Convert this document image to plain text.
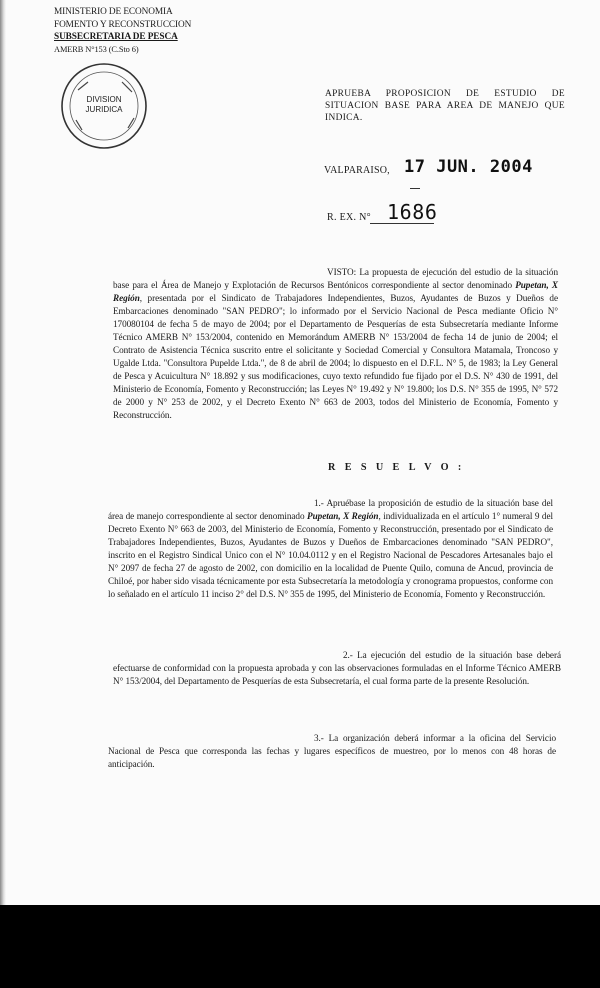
MINISTERIO DE ECONOMIA
FOMENTO Y RECONSTRUCCION
SUBSECRETARIA DE PESCA
AMERB N°153 (C.Sto 6)
DIVISION
JURIDICA
APRUEBA PROPOSICION DE ESTUDIO DE SITUACION BASE PARA AREA DE MANEJO QUE INDICA.
VALPARAISO, 17 JUN. 2004
R. EX. N° 1686
VISTO: La propuesta de ejecución del estudio de la situación base para el Área de Manejo y Explotación de Recursos Bentónicos correspondiente al sector denominado Pupetan, X Región, presentada por el Sindicato de Trabajadores Independientes, Buzos, Ayudantes de Buzos y Dueños de Embarcaciones denominado "SAN PEDRO"; lo informado por el Servicio Nacional de Pesca mediante Oficio N° 170080104 de fecha 5 de mayo de 2004; por el Departamento de Pesquerías de esta Subsecretaría mediante Informe Técnico AMERB N° 153/2004, contenido en Memorándum AMERB N° 153/2004 de fecha 14 de junio de 2004; el Contrato de Asistencia Técnica suscrito entre el solicitante y Sociedad Comercial y Consultora Matamala, Troncoso y Ugalde Ltda. "Consultora Pupelde Ltda.", de 8 de abril de 2004; lo dispuesto en el D.F.L. N° 5, de 1983; la Ley General de Pesca y Acuicultura N° 18.892 y sus modificaciones, cuyo texto refundido fue fijado por el D.S. N° 430 de 1991, del Ministerio de Economía, Fomento y Reconstrucción; las Leyes N° 19.492 y N° 19.800; los D.S. N° 355 de 1995, N° 572 de 2000 y N° 253 de 2002, y el Decreto Exento N° 663 de 2003, todos del Ministerio de Economía, Fomento y Reconstrucción.
R E S U E L V O :
1.- Apruébase la proposición de estudio de la situación base del área de manejo correspondiente al sector denominado Pupetan, X Región, individualizada en el artículo 1° numeral 9 del Decreto Exento N° 663 de 2003, del Ministerio de Economía, Fomento y Reconstrucción, presentado por el Sindicato de Trabajadores Independientes, Buzos, Ayudantes de Buzos y Dueños de Embarcaciones denominado "SAN PEDRO", inscrito en el Registro Sindical Unico con el N° 10.04.0112 y en el Registro Nacional de Pescadores Artesanales bajo el N° 2097 de fecha 27 de agosto de 2002, con domicilio en la localidad de Puente Quilo, comuna de Ancud, provincia de Chiloé, por haber sido visada técnicamente por esta Subsecretaría la metodología y cronograma propuestos, conforme con lo señalado en el artículo 11 inciso 2° del D.S. N° 355 de 1995, del Ministerio de Economía, Fomento y Reconstrucción.
2.- La ejecución del estudio de la situación base deberá efectuarse de conformidad con la propuesta aprobada y con las observaciones formuladas en el Informe Técnico AMERB N° 153/2004, del Departamento de Pesquerías de esta Subsecretaría, el cual forma parte de la presente Resolución.
3.- La organización deberá informar a la oficina del Servicio Nacional de Pesca que corresponda las fechas y lugares específicos de muestreo, por lo menos con 48 horas de anticipación.
